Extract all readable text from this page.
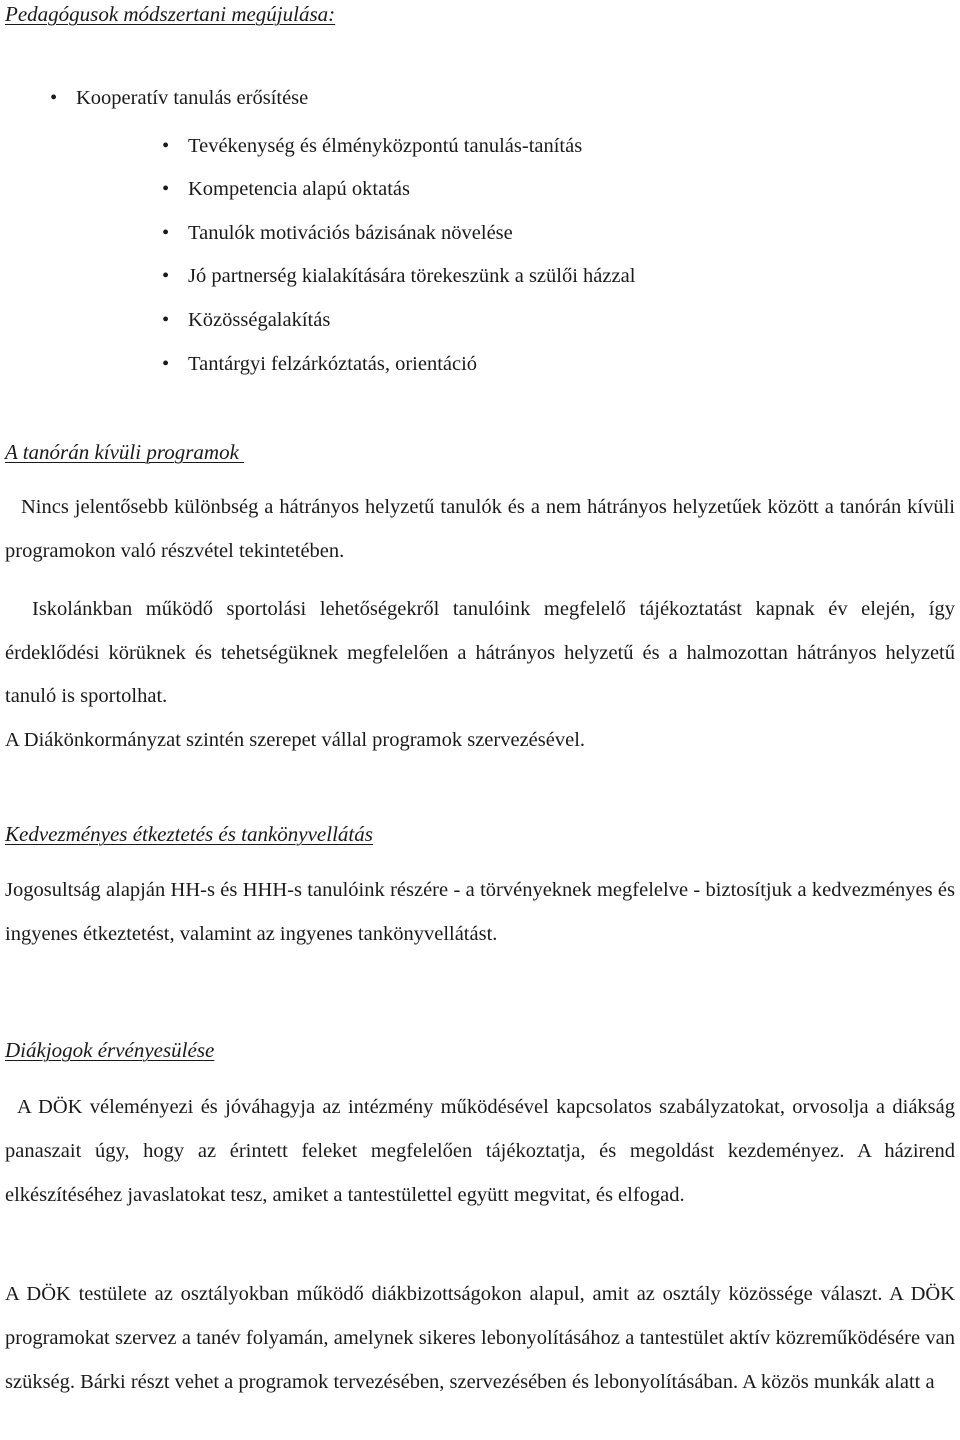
Pedagógusok módszertani megújulása:

• Kooperatív tanulás erősítése

• Tevékenység és élményközpontú tanulás-tanítás

• Kompetencia alapú oktatás

• Tanulók motivációs bázisának növelése

• Jó partnerség kialakítására törekeszünk a szülői házzal

• Közösségalakítás

• Tantárgyi felzárkóztatás, orientáció

A tanórán kívüli programok

Nincs jelentősebb különbség a hátrányos helyzetű tanulók és a nem hátrányos helyzetűek között a tanórán kívüli programokon való részvétel tekintetében.

Iskolánkban működő sportolási lehetőségekről tanulóink megfelelő tájékoztatást kapnak év elején, így érdeklődési körüknek és tehetségüknek megfelelően a hátrányos helyzetű és a halmozottan hátrányos helyzetű tanuló is sportolhat.

A Diákönkormányzat szintén szerepet vállal programok szervezésével.

Kedvezményes étkeztetés és tankönyvellátás

Jogosultság alapján HH-s és HHH-s tanulóink részére - a törvényeknek megfelelve - biztosítjuk a kedvezményes és ingyenes étkeztetést, valamint az ingyenes tankönyvellátást.

Diákjogok érvényesülése

A DÖK véleményezi és jóváhagyja az intézmény működésével kapcsolatos szabályzatokat, orvosolja a diákság panaszait úgy, hogy az érintett feleket megfelelően tájékoztatja, és megoldást kezdeményez. A házirend elkészítéséhez javaslatokat tesz, amiket a tantestülettel együtt megvitat, és elfogad.

A DÖK testülete az osztályokban működő diákbizottságokon alapul, amit az osztály közössége választ. A DÖK programokat szervez a tanév folyamán, amelynek sikeres lebonyolításához a tantestület aktív közreműködésére van szükség. Bárki részt vehet a programok tervezésében, szervezésében és lebonyolításában. A közös munkák alatt a
